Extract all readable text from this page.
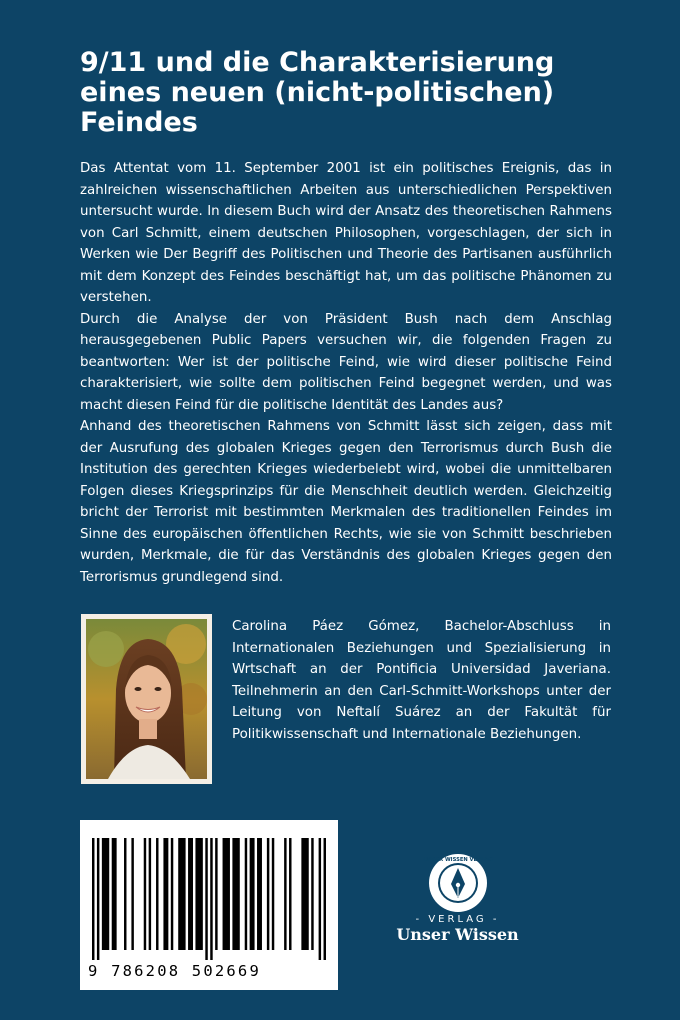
9/11 und die Charakterisierung
eines neuen (nicht-politischen)
Feindes

Das Attentat vom 11. September 2001 ist ein politisches Ereignis, das in zahlreichen wissenschaftlichen Arbeiten aus unterschiedlichen Perspektiven untersucht wurde. In diesem Buch wird der Ansatz des theoretischen Rahmens von Carl Schmitt, einem deutschen Philosophen, vorgeschlagen, der sich in Werken wie Der Begriff des Politischen und Theorie des Partisanen ausführlich mit dem Konzept des Feindes beschäftigt hat, um das politische Phänomen zu verstehen.

Durch die Analyse der von Präsident Bush nach dem Anschlag herausgegebenen Public Papers versuchen wir, die folgenden Fragen zu beantworten: Wer ist der politische Feind, wie wird dieser politische Feind charakterisiert, wie sollte dem politischen Feind begegnet werden, und was macht diesen Feind für die politische Identität des Landes aus?

Anhand des theoretischen Rahmens von Schmitt lässt sich zeigen, dass mit der Ausrufung des globalen Krieges gegen den Terrorismus durch Bush die Institution des gerechten Krieges wiederbelebt wird, wobei die unmittelbaren Folgen dieses Kriegsprinzips für die Menschheit deutlich werden. Gleichzeitig bricht der Terrorist mit bestimmten Merkmalen des traditionellen Feindes im Sinne des europäischen öffentlichen Rechts, wie sie von Schmitt beschrieben wurden, Merkmale, die für das Verständnis des globalen Krieges gegen den Terrorismus grundlegend sind.

Carolina Páez Gómez, Bachelor-Abschluss in Internationalen Beziehungen und Spezialisierung in Wrtschaft an der Pontificia Universidad Javeriana. Teilnehmerin an den Carl-Schmitt-Workshops unter der Leitung von Neftalí Suárez an der Fakultät für Politikwissenschaft und Internationale Beziehungen.

9 786208 502669
UNSER WISSEN VERLAG
- VERLAG -
Unser Wissen
